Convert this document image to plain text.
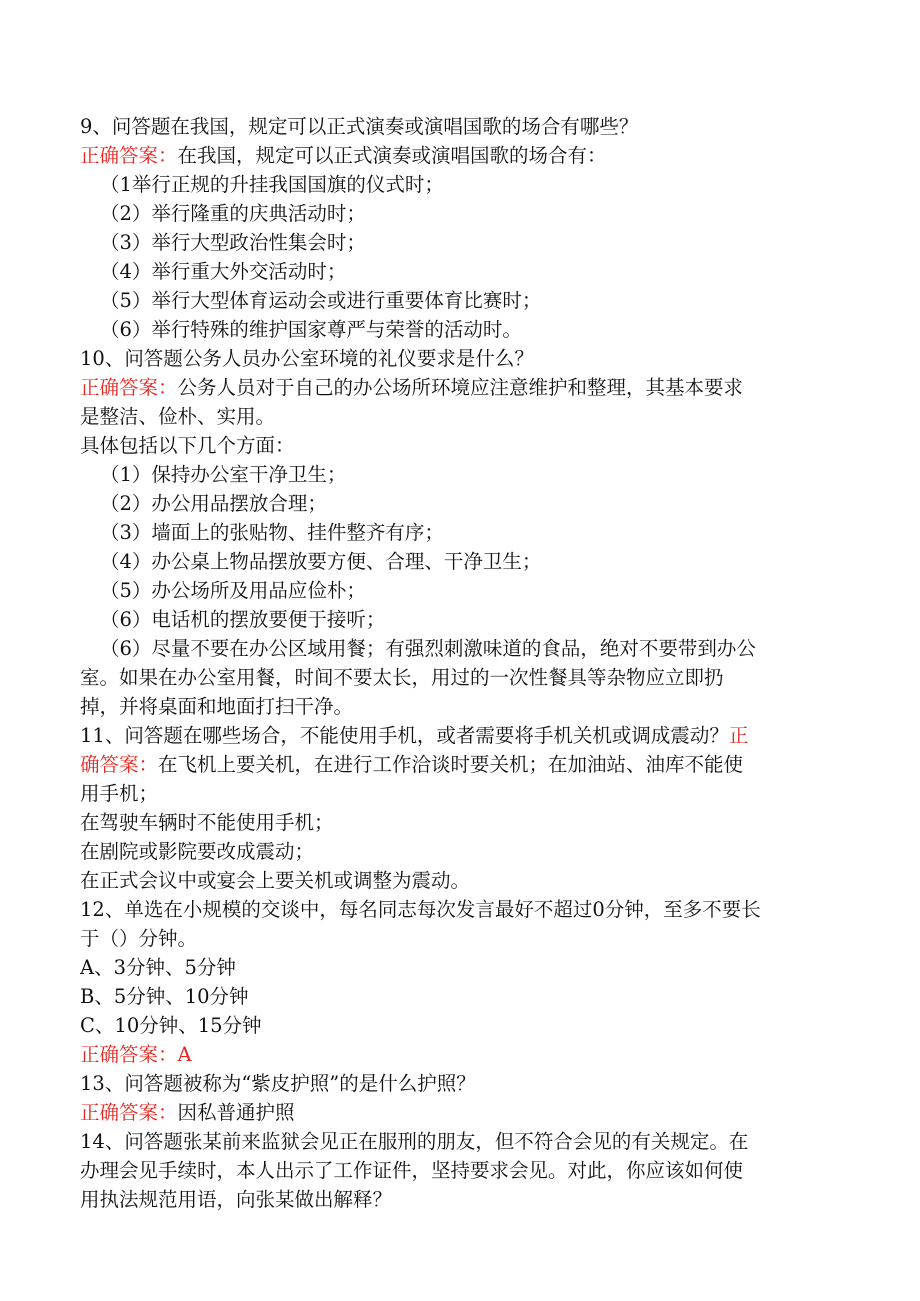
9、问答题在我国，规定可以正式演奏或演唱国歌的场合有哪些？
正确答案：在我国，规定可以正式演奏或演唱国歌的场合有：
（1举行正规的升挂我国国旗的仪式时；
（2）举行隆重的庆典活动时；
（3）举行大型政治性集会时；
（4）举行重大外交活动时；
（5）举行大型体育运动会或进行重要体育比赛时；
（6）举行特殊的维护国家尊严与荣誉的活动时。
10、问答题公务人员办公室环境的礼仪要求是什么？
正确答案：公务人员对于自己的办公场所环境应注意维护和整理，其基本要求
是整洁、俭朴、实用。
具体包括以下几个方面：
（1）保持办公室干净卫生；
（2）办公用品摆放合理；
（3）墙面上的张贴物、挂件整齐有序；
（4）办公桌上物品摆放要方便、合理、干净卫生；
（5）办公场所及用品应俭朴；
（6）电话机的摆放要便于接听；
（6）尽量不要在办公区域用餐；有强烈刺激味道的食品，绝对不要带到办公
室。如果在办公室用餐，时间不要太长，用过的一次性餐具等杂物应立即扔
掉，并将桌面和地面打扫干净。
11、问答题在哪些场合，不能使用手机，或者需要将手机关机或调成震动？正
确答案：在飞机上要关机，在进行工作洽谈时要关机；在加油站、油库不能使
用手机；
在驾驶车辆时不能使用手机；
在剧院或影院要改成震动；
在正式会议中或宴会上要关机或调整为震动。
12、单选在小规模的交谈中，每名同志每次发言最好不超过0分钟，至多不要长
于（）分钟。
A、3分钟、5分钟
B、5分钟、10分钟
C、10分钟、15分钟
正确答案：A
13、问答题被称为“紫皮护照”的是什么护照？
正确答案：因私普通护照
14、问答题张某前来监狱会见正在服刑的朋友，但不符合会见的有关规定。在
办理会见手续时，本人出示了工作证件，坚持要求会见。对此，你应该如何使
用执法规范用语，向张某做出解释？
